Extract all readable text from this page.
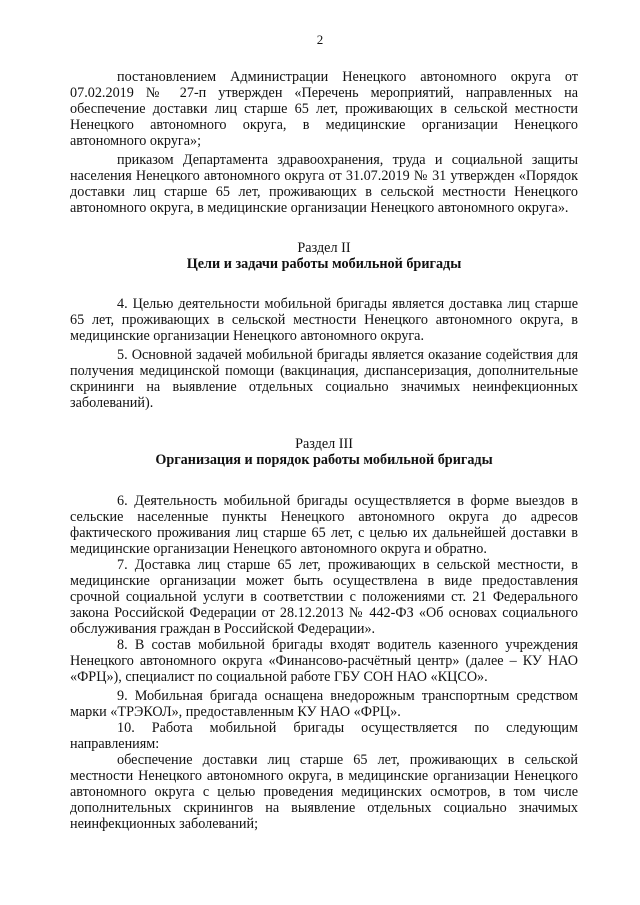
2

постановлением Администрации Ненецкого автономного округа от 07.02.2019 № 27-п утвержден «Перечень мероприятий, направленных на обеспечение доставки лиц старше 65 лет, проживающих в сельской местности Ненецкого автономного округа, в медицинские организации Ненецкого автономного округа»;

приказом Департамента здравоохранения, труда и социальной защиты населения Ненецкого автономного округа от 31.07.2019 № 31 утвержден «Порядок доставки лиц старше 65 лет, проживающих в сельской местности Ненецкого автономного округа, в медицинские организации Ненецкого автономного округа».

Раздел II

Цели и задачи работы мобильной бригады

4. Целью деятельности мобильной бригады является доставка лиц старше 65 лет, проживающих в сельской местности Ненецкого автономного округа, в медицинские организации Ненецкого автономного округа.

5. Основной задачей мобильной бригады является оказание содействия для получения медицинской помощи (вакцинация, диспансеризация, дополнительные скрининги на выявление отдельных социально значимых неинфекционных заболеваний).

Раздел III

Организация и порядок работы мобильной бригады

6. Деятельность мобильной бригады осуществляется в форме выездов в сельские населенные пункты Ненецкого автономного округа до адресов фактического проживания лиц старше 65 лет, с целью их дальнейшей доставки в медицинские организации Ненецкого автономного округа и обратно.

7. Доставка лиц старше 65 лет, проживающих в сельской местности, в медицинские организации может быть осуществлена в виде предоставления срочной социальной услуги в соответствии с положениями ст. 21 Федерального закона Российской Федерации от 28.12.2013 № 442-ФЗ «Об основах социального обслуживания граждан в Российской Федерации».

8. В состав мобильной бригады входят водитель казенного учреждения Ненецкого автономного округа «Финансово-расчётный центр» (далее – КУ НАО «ФРЦ»), специалист по социальной работе ГБУ СОН НАО «КЦСО».

9. Мобильная бригада оснащена внедорожным транспортным средством марки «ТРЭКОЛ», предоставленным КУ НАО «ФРЦ».

10. Работа мобильной бригады осуществляется по следующим направлениям:

обеспечение доставки лиц старше 65 лет, проживающих в сельской местности Ненецкого автономного округа, в медицинские организации Ненецкого автономного округа с целью проведения медицинских осмотров, в том числе дополнительных скринингов на выявление отдельных социально значимых неинфекционных заболеваний;
